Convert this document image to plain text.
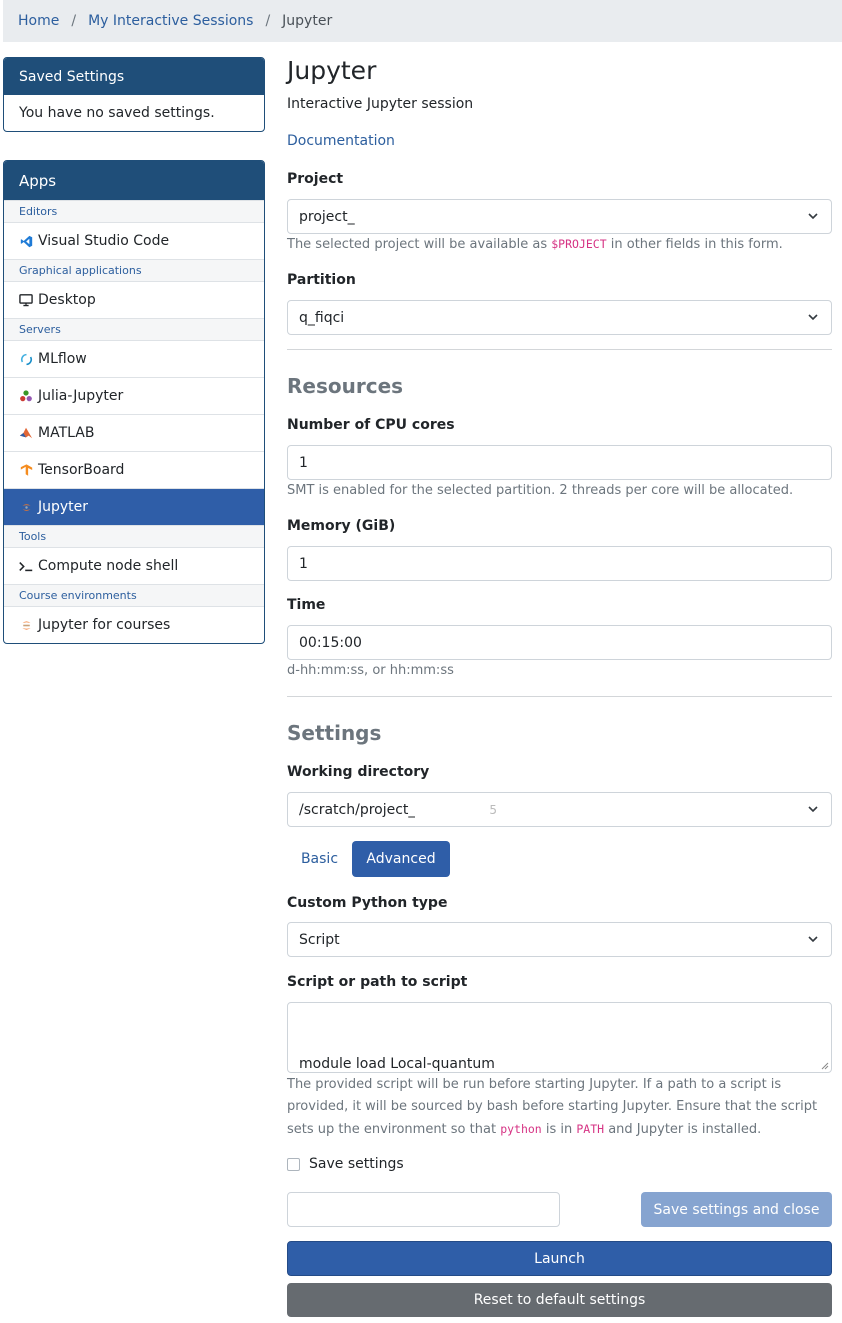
Home / My Interactive Sessions / Jupyter
Saved Settings
You have no saved settings.
Apps
Editors
Visual Studio Code
Graphical applications
Desktop
Servers
MLflow
Julia-Jupyter
MATLAB
TensorBoard
Jupyter
Tools
Compute node shell
Course environments
Jupyter for courses
Jupyter
Interactive Jupyter session
Documentation
Project
project_
The selected project will be available as $PROJECT in other fields in this form.
Partition
q_fiqci
Resources
Number of CPU cores
1
SMT is enabled for the selected partition. 2 threads per core will be allocated.
Memory (GiB)
1
Time
00:15:00
d-hh:mm:ss, or hh:mm:ss
Settings
Working directory
/scratch/project_	5
Basic	Advanced
Custom Python type
Script
Script or path to script

module load Local-quantum

The provided script will be run before starting Jupyter. If a path to a script is provided, it will be sourced by bash before starting Jupyter. Ensure that the script sets up the environment so that python is in PATH and Jupyter is installed.
Save settings
Save settings and close
Launch
Reset to default settings
